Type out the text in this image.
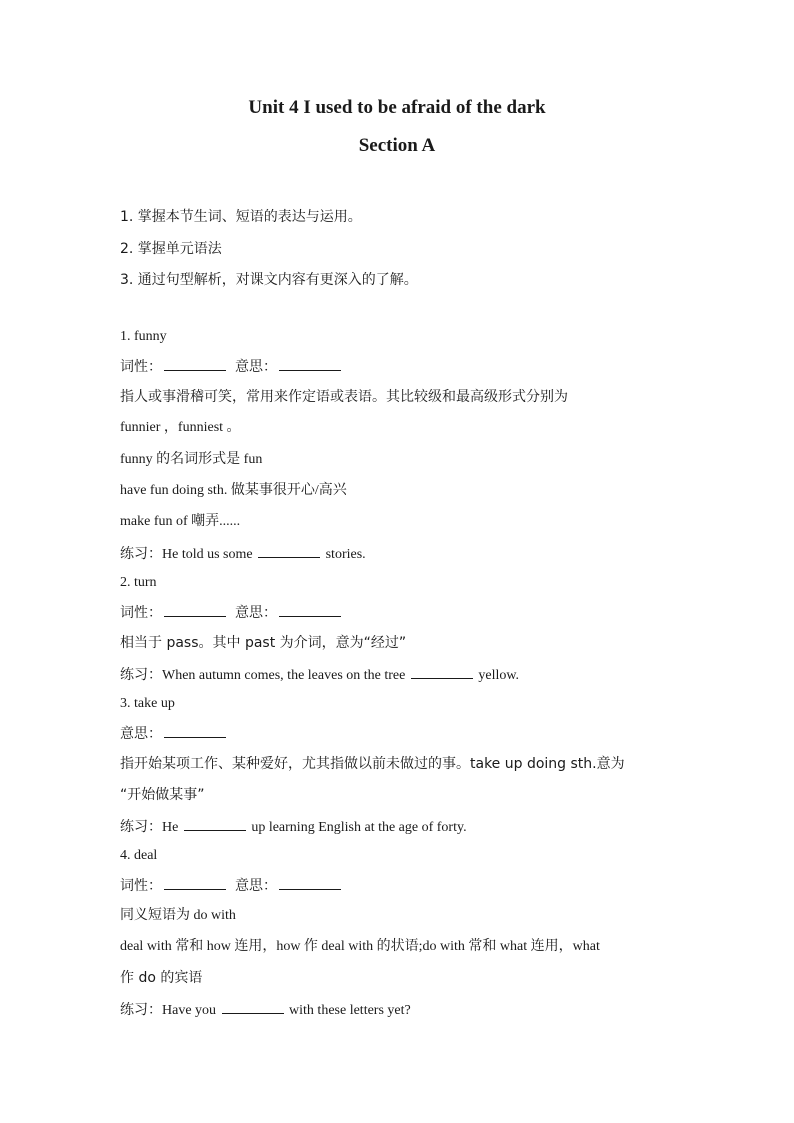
Unit 4 I used to be afraid of the dark
Section A
1. 掌握本节生词、短语的表达与运用。
2. 掌握单元语法
3. 通过句型解析，对课文内容有更深入的了解。
1. funny
词性：	意思：
指人或事滑稽可笑，常用来作定语或表语。其比较级和最高级形式分别为
funnier ，funniest 。
funny 的名词形式是 fun
have fun doing sth. 做某事很开心/高兴
make fun of 嘲弄......
练习：He told us some	stories.
2. turn
词性：	意思：
相当于 pass。其中 past 为介词，意为“经过”
练习：When autumn comes, the leaves on the tree	yellow.
3. take up
意思：
指开始某项工作、某种爱好，尤其指做以前未做过的事。take up doing sth.意为
“开始做某事”
练习：He	up learning English at the age of forty.
4. deal
词性：	意思：
同义短语为 do with
deal with 常和 how 连用，how 作 deal with 的状语;do with 常和 what 连用，what
作 do 的宾语
练习：Have you	with these letters yet?
